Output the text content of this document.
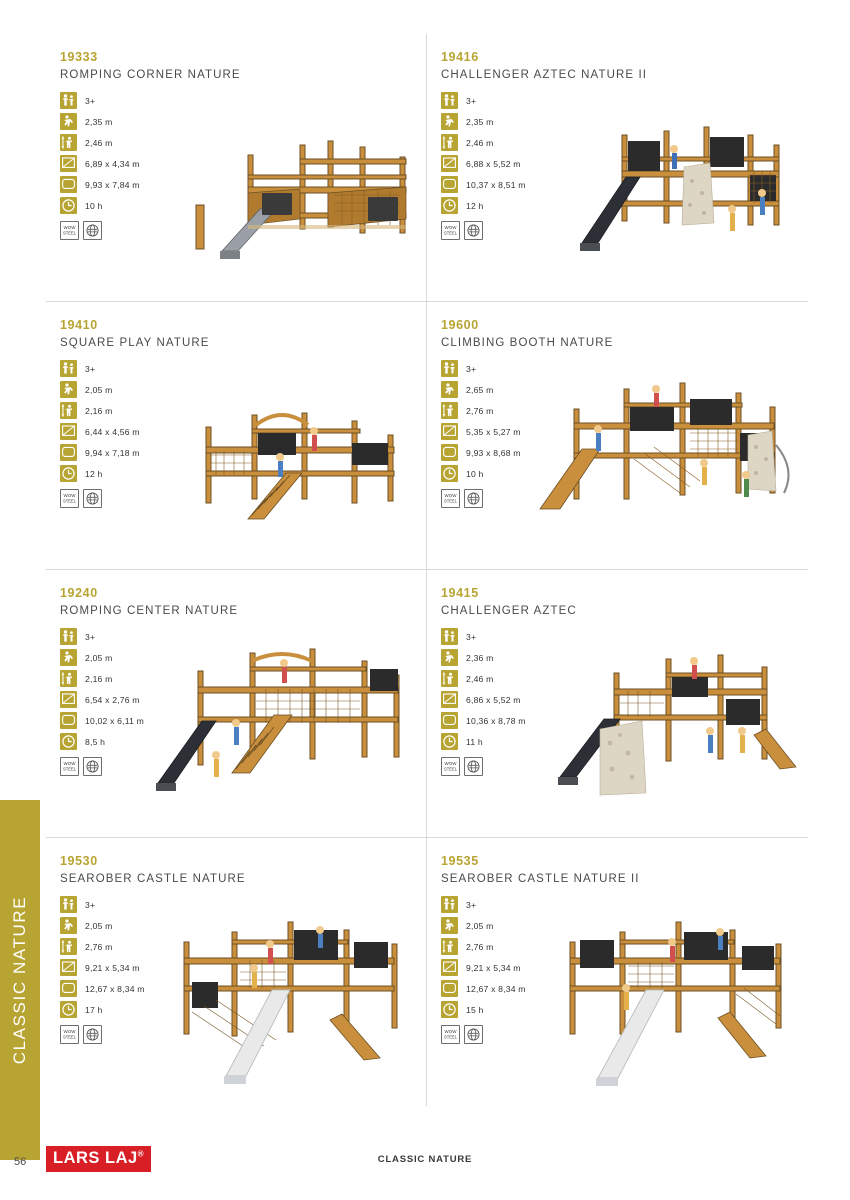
CLASSIC NATURE
19333
ROMPING CORNER NATURE
3+
2,35 m
2,46 m
6,89 x 4,34 m
9,93 x 7,84 m
10 h
WOW
STEEL
19416
CHALLENGER AZTEC NATURE II
3+
2,35 m
2,46 m
6,88 x 5,52 m
10,37 x 8,51 m
12 h
WOW
STEEL
19410
SQUARE PLAY NATURE
3+
2,05 m
2,16 m
6,44 x 4,56 m
9,94 x 7,18 m
12 h
WOW
STEEL
19600
CLIMBING BOOTH NATURE
3+
2,65 m
2,76 m
5,35 x 5,27 m
9,93 x 8,68 m
10 h
WOW
STEEL
19240
ROMPING CENTER NATURE
3+
2,05 m
2,16 m
6,54 x 2,76 m
10,02 x 6,11 m
8,5 h
WOW
STEEL
19415
CHALLENGER AZTEC
3+
2,36 m
2,46 m
6,86 x 5,52 m
10,36 x 8,78 m
11 h
WOW
STEEL
19530
SEAROBER CASTLE NATURE
3+
2,05 m
2,76 m
9,21 x 5,34 m
12,67 x 8,34 m
17 h
WOW
STEEL
19535
SEAROBER CASTLE NATURE II
3+
2,05 m
2,76 m
9,21 x 5,34 m
12,67 x 8,34 m
15 h
WOW
STEEL
56	LARS LAJ®	CLASSIC NATURE
